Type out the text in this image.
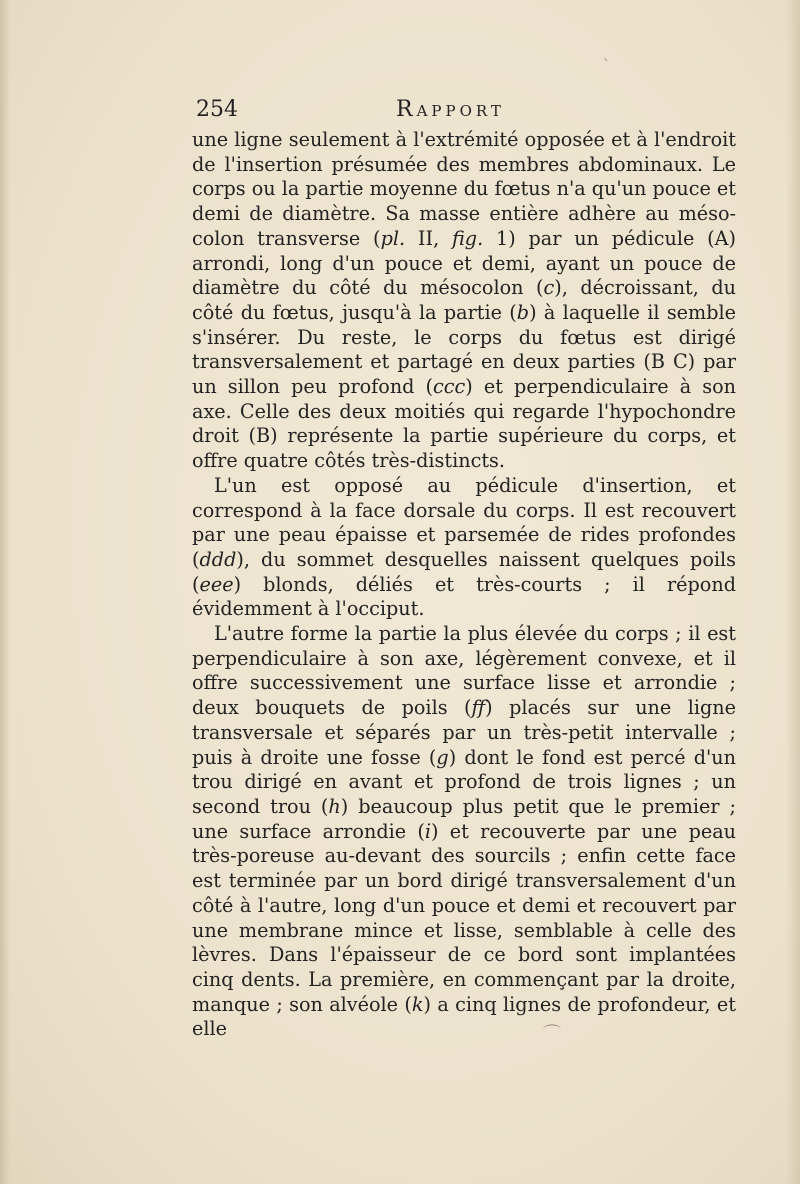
ˋ
⌒
254	Rapport

une ligne seulement à l'extrémité opposée et à l'endroit de l'insertion présumée des membres abdominaux. Le corps ou la partie moyenne du fœtus n'a qu'un pouce et demi de diamètre. Sa masse entière adhère au méso-colon transverse (pl. II, fig. 1) par un pédicule (A) arrondi, long d'un pouce et demi, ayant un pouce de diamètre du côté du mésocolon (c), décroissant, du côté du fœtus, jusqu'à la partie (b) à laquelle il semble s'insérer. Du reste, le corps du fœtus est dirigé transversalement et partagé en deux parties (B C) par un sillon peu profond (ccc) et perpendiculaire à son axe. Celle des deux moitiés qui regarde l'hypochondre droit (B) représente la partie supérieure du corps, et offre quatre côtés très-distincts.

L'un est opposé au pédicule d'insertion, et correspond à la face dorsale du corps. Il est recouvert par une peau épaisse et parsemée de rides profondes (ddd), du sommet desquelles naissent quelques poils (eee) blonds, déliés et très-courts ; il répond évidemment à l'occiput.

L'autre forme la partie la plus élevée du corps ; il est perpendiculaire à son axe, légèrement convexe, et il offre successivement une surface lisse et arrondie ; deux bouquets de poils (ff) placés sur une ligne transversale et séparés par un très-petit intervalle ; puis à droite une fosse (g) dont le fond est percé d'un trou dirigé en avant et profond de trois lignes ; un second trou (h) beaucoup plus petit que le premier ; une surface arrondie (i) et recouverte par une peau très-poreuse au-devant des sourcils ; enfin cette face est terminée par un bord dirigé transversalement d'un côté à l'autre, long d'un pouce et demi et recouvert par une membrane mince et lisse, semblable à celle des lèvres. Dans l'épaisseur de ce bord sont implantées cinq dents. La première, en commençant par la droite, manque ; son alvéole (k) a cinq lignes de profondeur, et elle
